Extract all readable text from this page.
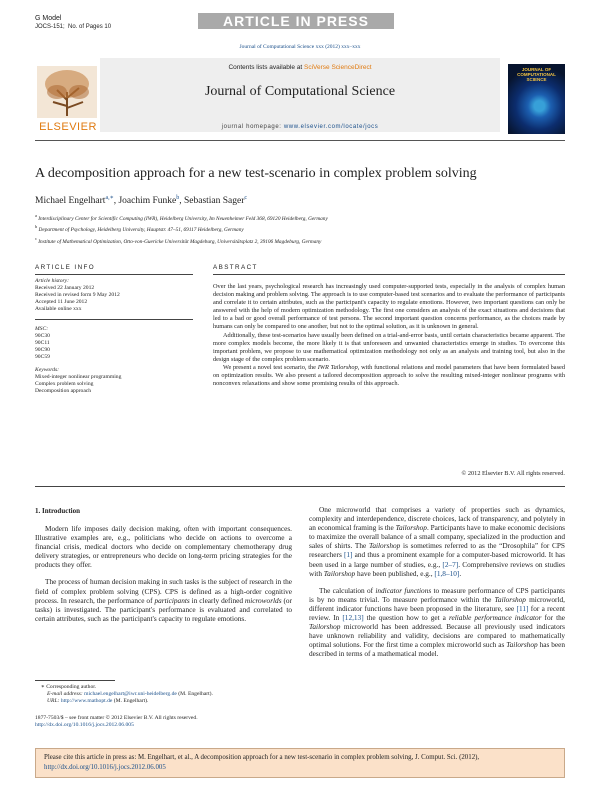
G Model
JOCS-151; No. of Pages 10	ARTICLE IN PRESS
Journal of Computational Science xxx (2012) xxx–xxx
ELSEVIER
Contents lists available at SciVerse ScienceDirect
Journal of Computational Science
journal homepage: www.elsevier.com/locate/jocs
JOURNAL OF COMPUTATIONAL SCIENCE
A decomposition approach for a new test-scenario in complex problem solving
Michael Engelhart$^{a,∗}$, Joachim Funke$^b$, Sebastian Sager$^c$
$^a$ Interdisciplinary Center for Scientific Computing (IWR), Heidelberg University, Im Neuenheimer Feld 368, 69120 Heidelberg, Germany
$^b$ Department of Psychology, Heidelberg University, Hauptstr. 47–51, 69117 Heidelberg, Germany
$^c$ Institute of Mathematical Optimization, Otto-von-Guericke Universität Magdeburg, Universitätsplatz 2, 39106 Magdeburg, Germany
ARTICLE INFO	ABSTRACT
Article history:
Received 22 January 2012
Received in revised form 9 May 2012
Accepted 11 June 2012
Available online xxx
MSC:
90C30
90C11
90C90
90C59
Keywords:
Mixed-integer nonlinear programming
Complex problem solving
Decomposition approach

Over the last years, psychological research has increasingly used computer-supported tests, especially in the analysis of complex human decision making and problem solving. The approach is to use computer-based test scenarios and to evaluate the performance of participants and correlate it to certain attributes, such as the participant's capacity to regulate emotions. However, two important questions can only be answered with the help of modern optimization methodology. The first one considers an analysis of the exact situations and decisions that led to a bad or good overall performance of test persons. The second important question concerns performance, as the choices made by humans can only be compared to one another, but not to the optimal solution, as it is unknown in general.

Additionally, these test-scenarios have usually been defined on a trial-and-error basis, until certain characteristics became apparent. The more complex models become, the more likely it is that unforeseen and unwanted characteristics emerge in studies. To overcome this important problem, we propose to use mathematical optimization methodology not only as an analysis and training tool, but also in the design stage of the complex problem scenario.

We present a novel test scenario, the IWR Tailorshop, with functional relations and model parameters that have been formulated based on optimization results. We also present a tailored decomposition approach to solve the resulting mixed-integer nonlinear programs with nonconvex relaxations and show some promising results of this approach.

© 2012 Elsevier B.V. All rights reserved.
1. Introduction

Modern life imposes daily decision making, often with important consequences. Illustrative examples are, e.g., politicians who decide on actions to overcome a financial crisis, medical doctors who decide on complementary chemotherapy drug delivery strategies, or entrepreneurs who decide on long-term pricing strategies for the products they offer.

The process of human decision making in such tasks is the subject of research in the field of complex problem solving (CPS). CPS is defined as a high-order cognitive process. In research, the performance of participants in clearly defined microworlds (or tasks) is investigated. The participant's performance is evaluated and correlated to certain attributes, such as the participant's capacity to regulate emotions.

One microworld that comprises a variety of properties such as dynamics, complexity and interdependence, discrete choices, lack of transparency, and polytely in an economical framing is the Tailorshop. Participants have to make economic decisions to maximize the overall balance of a small company, specialized in the production and sales of shirts. The Tailorshop is sometimes referred to as the “Drosophila” for CPS researchers [1] and thus a prominent example for a computer-based microworld. It has been used in a large number of studies, e.g., [2–7]. Comprehensive reviews on studies with Tailorshop have been published, e.g., [1,8–10].

The calculation of indicator functions to measure performance of CPS participants is by no means trivial. To measure performance within the Tailorshop microworld, different indicator functions have been proposed in the literature, see [11] for a recent review. In [12,13] the question how to get a reliable performance indicator for the Tailorshop microworld has been addressed. Because all previously used indicators have unknown reliability and validity, decisions are compared to mathematically optimal solutions. For the first time a complex microworld such as Tailorshop has been described in terms of a mathematical model.

∗ Corresponding author.
E-mail address: michael.engelhart@iwr.uni-heidelberg.de (M. Engelhart).
URL: http://www.mathopt.de (M. Engelhart).
1877-7503/$ – see front matter © 2012 Elsevier B.V. All rights reserved.
http://dx.doi.org/10.1016/j.jocs.2012.06.005
Please cite this article in press as: M. Engelhart, et al., A decomposition approach for a new test-scenario in complex problem solving, J. Comput. Sci. (2012), http://dx.doi.org/10.1016/j.jocs.2012.06.005
